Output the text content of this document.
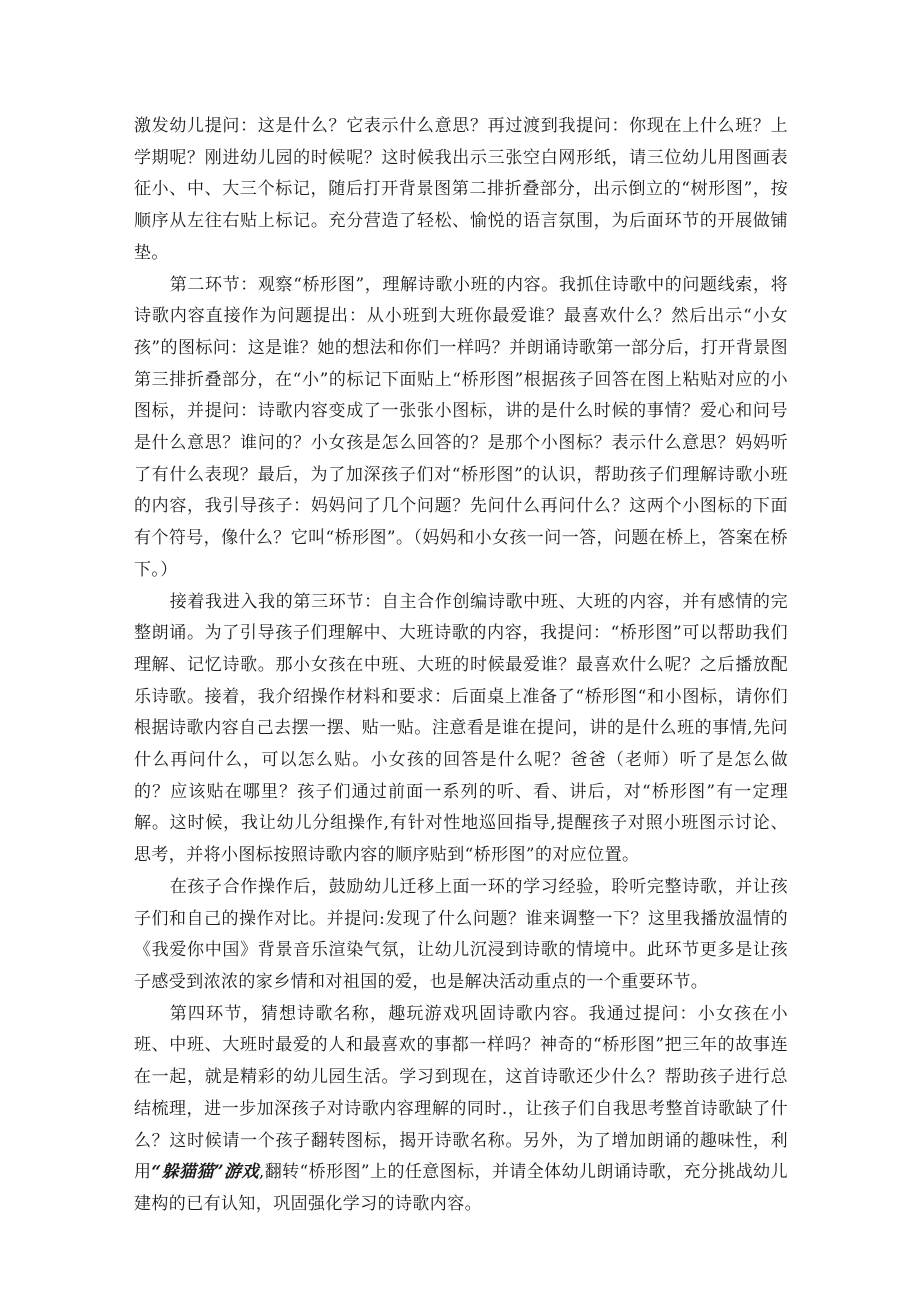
激发幼儿提问：这是什么？它表示什么意思？再过渡到我提问：你现在上什么班？上学期呢？刚进幼儿园的时候呢？这时候我出示三张空白网形纸，请三位幼儿用图画表征小、中、大三个标记，随后打开背景图第二排折叠部分，出示倒立的“树形图”，按顺序从左往右贴上标记。充分营造了轻松、愉悦的语言氛围，为后面环节的开展做铺垫。

第二环节：观察“桥形图”，理解诗歌小班的内容。我抓住诗歌中的问题线索，将诗歌内容直接作为问题提出：从小班到大班你最爱谁？最喜欢什么？然后出示“小女孩”的图标问：这是谁？她的想法和你们一样吗？并朗诵诗歌第一部分后，打开背景图第三排折叠部分，在“小”的标记下面贴上“桥形图”根据孩子回答在图上粘贴对应的小图标，并提问：诗歌内容变成了一张张小图标，讲的是什么时候的事情？爱心和问号是什么意思？谁问的？小女孩是怎么回答的？是那个小图标？表示什么意思？妈妈听了有什么表现？最后，为了加深孩子们对“桥形图”的认识，帮助孩子们理解诗歌小班的内容，我引导孩子：妈妈问了几个问题？先问什么再问什么？这两个小图标的下面有个符号，像什么？它叫“桥形图”。（妈妈和小女孩一问一答，问题在桥上，答案在桥下。）

接着我进入我的第三环节：自主合作创编诗歌中班、大班的内容，并有感情的完整朗诵。为了引导孩子们理解中、大班诗歌的内容，我提问：“桥形图”可以帮助我们理解、记忆诗歌。那小女孩在中班、大班的时候最爱谁？最喜欢什么呢？之后播放配乐诗歌。接着，我介绍操作材料和要求：后面桌上准备了“桥形图“和小图标，请你们根据诗歌内容自己去摆一摆、贴一贴。注意看是谁在提问，讲的是什么班的事情,先问什么再问什么，可以怎么贴。小女孩的回答是什么呢？爸爸（老师）听了是怎么做的？应该贴在哪里？孩子们通过前面一系列的听、看、讲后，对“桥形图”有一定理解。这时候，我让幼儿分组操作,有针对性地巡回指导,提醒孩子对照小班图示讨论、思考，并将小图标按照诗歌内容的顺序贴到“桥形图”的对应位置。

在孩子合作操作后，鼓励幼儿迁移上面一环的学习经验，聆听完整诗歌，并让孩子们和自己的操作对比。并提问:发现了什么问题？谁来调整一下？这里我播放温情的《我爱你中国》背景音乐渲染气氛，让幼儿沉浸到诗歌的情境中。此环节更多是让孩子感受到浓浓的家乡情和对祖国的爱，也是解决活动重点的一个重要环节。

第四环节，猜想诗歌名称，趣玩游戏巩固诗歌内容。我通过提问：小女孩在小班、中班、大班时最爱的人和最喜欢的事都一样吗？神奇的“桥形图”把三年的故事连在一起，就是精彩的幼儿园生活。学习到现在，这首诗歌还少什么？帮助孩子进行总结梳理，进一步加深孩子对诗歌内容理解的同时.，让孩子们自我思考整首诗歌缺了什么？这时候请一个孩子翻转图标，揭开诗歌名称。另外，为了增加朗诵的趣味性，利用“躲猫猫”游戏,翻转“桥形图”上的任意图标，并请全体幼儿朗诵诗歌，充分挑战幼儿建构的已有认知，巩固强化学习的诗歌内容。
